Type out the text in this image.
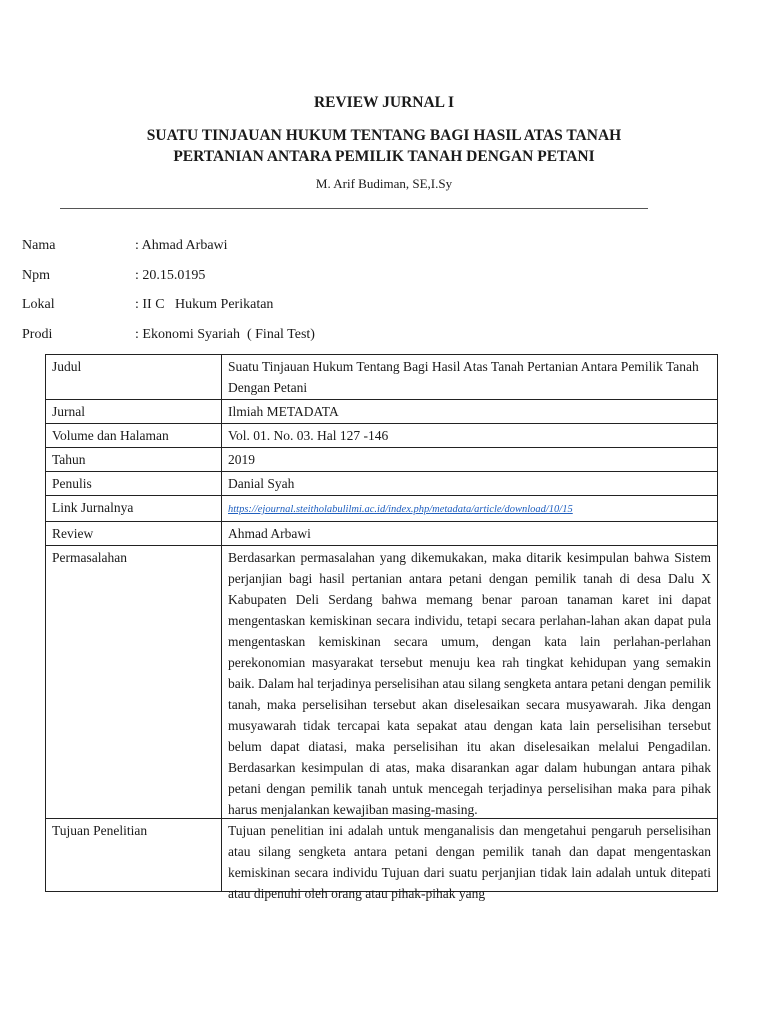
REVIEW JURNAL I

SUATU TINJAUAN HUKUM TENTANG BAGI HASIL ATAS TANAH PERTANIAN ANTARA PEMILIK TANAH DENGAN PETANI

M. Arif Budiman, SE,I.Sy

Nama	: Ahmad Arbawi
Npm	: 20.15.0195
Lokal	: II C   Hukum Perikatan
Prodi	: Ekonomi Syariah  ( Final Test)
Judul	Suatu Tinjauan Hukum Tentang Bagi Hasil Atas Tanah Pertanian Antara Pemilik Tanah Dengan Petani
Jurnal	Ilmiah METADATA
Volume dan Halaman	Vol. 01. No. 03. Hal 127 -146
Tahun	2019
Penulis	Danial Syah
Link Jurnalnya	https://ejournal.steitholabulilmi.ac.id/index.php/metadata/article/download/10/15
Review	Ahmad Arbawi
Permasalahan	Berdasarkan permasalahan yang dikemukakan, maka ditarik kesimpulan bahwa Sistem perjanjian bagi hasil pertanian antara petani dengan pemilik tanah di desa Dalu X Kabupaten Deli Serdang bahwa memang benar paroan tanaman karet ini dapat mengentaskan kemiskinan secara individu, tetapi secara perlahan-lahan akan dapat pula mengentaskan kemiskinan secara umum, dengan kata lain perlahan-perlahan perekonomian masyarakat tersebut menuju kea rah tingkat kehidupan yang semakin baik. Dalam hal terjadinya perselisihan atau silang sengketa antara petani dengan pemilik tanah, maka perselisihan tersebut akan diselesaikan secara musyawarah. Jika dengan musyawarah tidak tercapai kata sepakat atau dengan kata lain perselisihan tersebut belum dapat diatasi, maka perselisihan itu akan diselesaikan melalui Pengadilan. Berdasarkan kesimpulan di atas, maka disarankan agar dalam hubungan antara pihak petani dengan pemilik tanah untuk mencegah terjadinya perselisihan maka para pihak harus menjalankan kewajiban masing-masing.

Tujuan Penelitian	Tujuan penelitian ini adalah untuk menganalisis dan mengetahui pengaruh perselisihan atau silang sengketa antara petani dengan pemilik tanah dan dapat mengentaskan kemiskinan secara individu Tujuan dari suatu perjanjian tidak lain adalah untuk ditepati atau dipenuhi oleh orang atau pihak-pihak yang
